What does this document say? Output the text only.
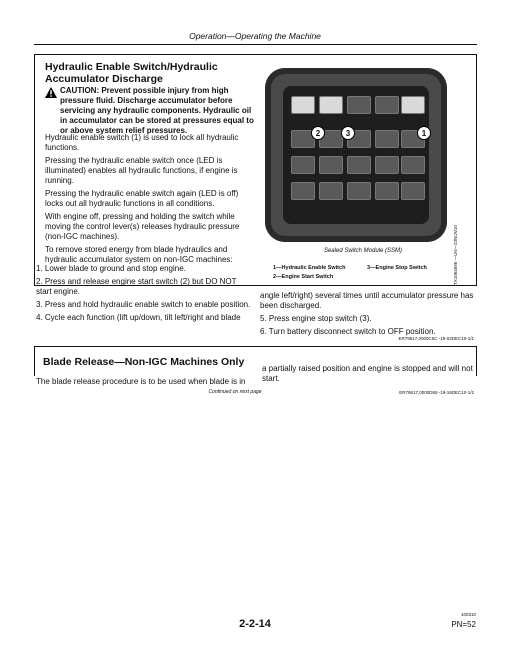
Operation—Operating the Machine
Hydraulic Enable Switch/Hydraulic Accumulator Discharge
CAUTION: Prevent possible injury from high pressure fluid. Discharge accumulator before servicing any hydraulic components. Hydraulic oil in accumulator can be stored at pressures equal to or above system relief pressures.
Hydraulic enable switch (1) is used to lock all hydraulic functions.
Pressing the hydraulic enable switch once (LED is illuminated) enables all hydraulic functions, if engine is running.
Pressing the hydraulic enable switch again (LED is off) locks out all hydraulic functions in all conditions.
With engine off, pressing and holding the switch while moving the control lever(s) releases hydraulic pressure (non-IGC machines).
To remove stored energy from blade hydraulics and hydraulic accumulator system on non-IGC machines:
2	3	1
TX1064696 —UN—23NOV10
Sealed Switch Module (SSM)
1—Hydraulic Enable Switch	3—Engine Stop Switch
2—Engine Start Switch
1. Lower blade to ground and stop engine.
2. Press and release engine start switch (2) but DO NOT start engine.
3. Press and hold hydraulic enable switch to enable position.
4. Cycle each function (lift up/down, tilt left/right and blade
angle left/right) several times until accumulator pressure has been discharged.
5. Press engine stop switch (3).
6. Turn battery disconnect switch to OFF position.
ER79617,0000C5C -19-02DEC10-1/1
Blade Release—Non-IGC Machines Only
The blade release procedure is to be used when blade is in
a partially raised position and engine is stopped and will not start.
Continued on next page	ER79617,0000D59 -19-16DEC10-1/2
2-2-14
100310
PN=52
